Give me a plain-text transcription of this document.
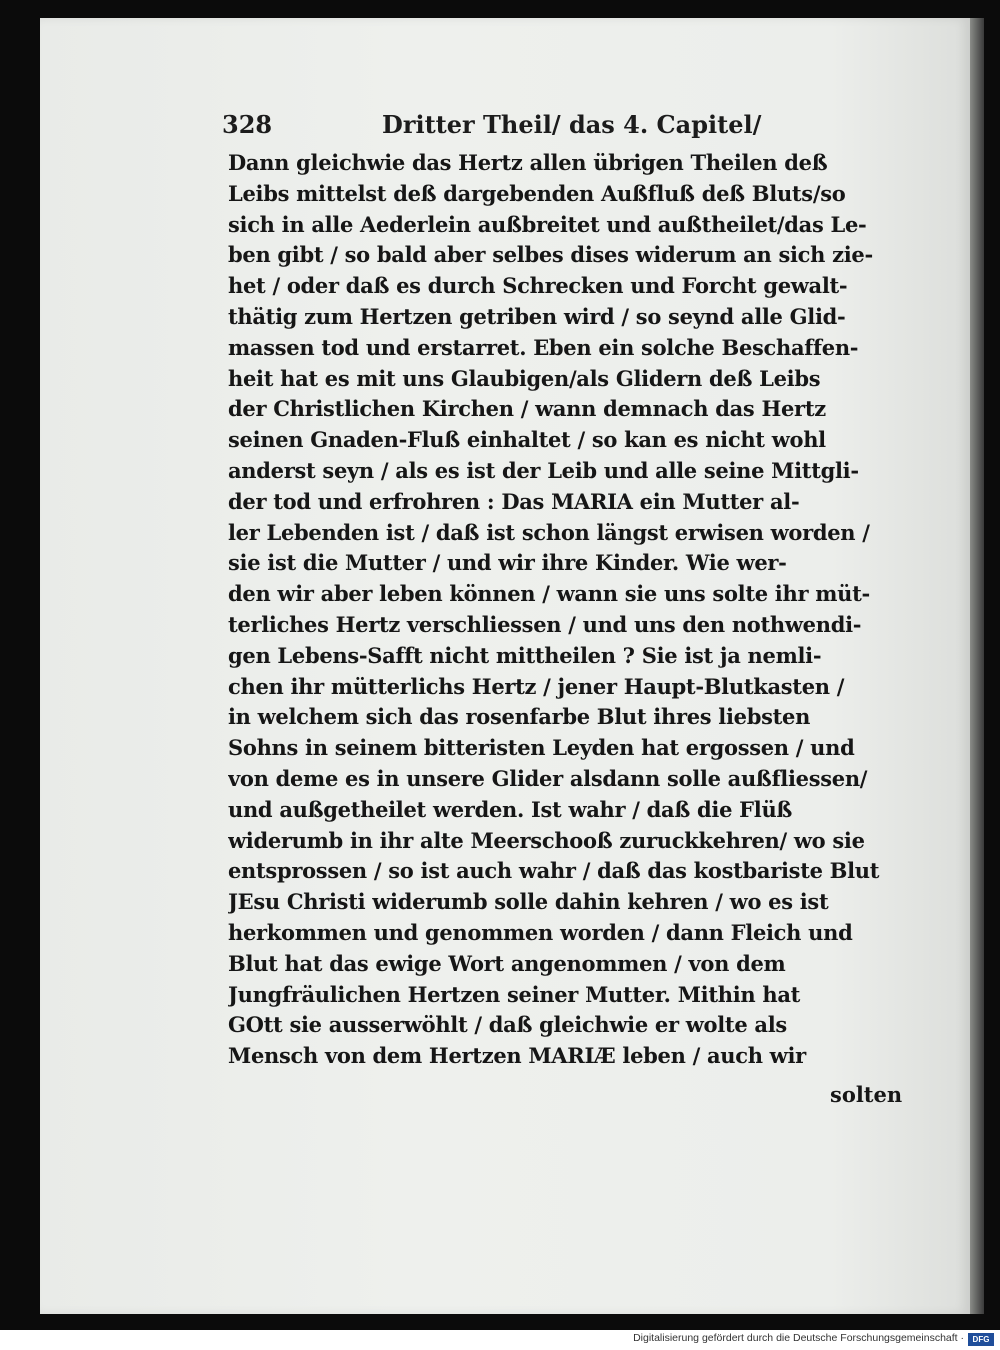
328	Dritter Theil/ das 4. Capitel/
Dann gleichwie das Hertz allen übrigen Theilen deß
Leibs mittelst deß dargebenden Außfluß deß Bluts/so
sich in alle Aederlein außbreitet und außtheilet/das Le-
ben gibt / so bald aber selbes dises widerum an sich zie-
het / oder daß es durch Schrecken und Forcht gewalt-
thätig zum Hertzen getriben wird / so seynd alle Glid-
massen tod und erstarret. Eben ein solche Beschaffen-
heit hat es mit uns Glaubigen/als Glidern deß Leibs
der Christlichen Kirchen / wann demnach das Hertz
seinen Gnaden-Fluß einhaltet / so kan es nicht wohl
anderst seyn / als es ist der Leib und alle seine Mittgli-
der tod und erfrohren : Das MARIA ein Mutter al-
ler Lebenden ist / daß ist schon längst erwisen worden /
sie ist die Mutter / und wir ihre Kinder. Wie wer-
den wir aber leben können / wann sie uns solte ihr müt-
terliches Hertz verschliessen / und uns den nothwendi-
gen Lebens-Safft nicht mittheilen ? Sie ist ja nemli-
chen ihr mütterlichs Hertz / jener Haupt-Blutkasten /
in welchem sich das rosenfarbe Blut ihres liebsten
Sohns in seinem bitteristen Leyden hat ergossen / und
von deme es in unsere Glider alsdann solle außfliessen/
und außgetheilet werden. Ist wahr / daß die Flüß
widerumb in ihr alte Meerschooß zuruckkehren/ wo sie
entsprossen / so ist auch wahr / daß das kostbariste Blut
JEsu Christi widerumb solle dahin kehren / wo es ist
herkommen und genommen worden / dann Fleich und
Blut hat das ewige Wort angenommen / von dem
Jungfräulichen Hertzen seiner Mutter. Mithin hat
GOtt sie ausserwöhlt / daß gleichwie er wolte als
Mensch von dem Hertzen MARIÆ leben / auch wir
solten
Digitalisierung gefördert durch die Deutsche Forschungsgemeinschaft ·	DFG
